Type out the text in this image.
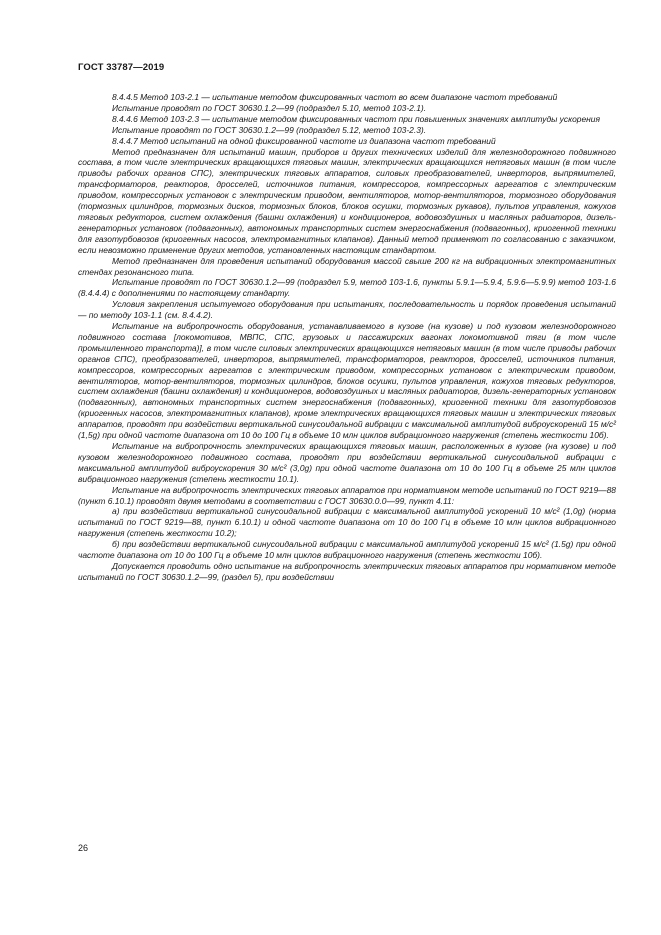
ГОСТ 33787—2019

8.4.4.5 Метод 103-2.1 — испытание методом фиксированных частот во всем диапазоне частот требований

Испытание проводят по ГОСТ 30630.1.2—99 (подраздел 5.10, метод 103-2.1).

8.4.4.6 Метод 103-2.3 — испытание методом фиксированных частот при повышенных значениях амплитуды ускорения

Испытание проводят по ГОСТ 30630.1.2—99 (подраздел 5.12, метод 103-2.3).

8.4.4.7 Метод испытаний на одной фиксированной частоте из диапазона частот требований

Метод предназначен для испытаний машин, приборов и других технических изделий для железнодорожного подвижного состава, в том числе электрических вращающихся тяговых машин, электрических вращающихся нетяговых машин (в том числе приводы рабочих органов СПС), электрических тяговых аппаратов, силовых преобразователей, инверторов, выпрямителей, трансформаторов, реакторов, дросселей, источников питания, компрессоров, компрессорных агрегатов с электрическим приводом, компрессорных установок с электрическим приводом, вентиляторов, мотор-вентиляторов, тормозного оборудования (тормозных цилиндров, тормозных дисков, тормозных блоков, блоков осушки, тормозных рукавов), пультов управления, кожухов тяговых редукторов, систем охлаждения (башни охлаждения) и кондиционеров, водовоздушных и масляных радиаторов, дизель-генераторных установок (подвагонных), автономных транспортных систем энергоснабжения (подвагонных), криогенной техники для газотурбовозов (криогенных насосов, электромагнитных клапанов). Данный метод применяют по согласованию с заказчиком, если невозможно применение других методов, установленных настоящим стандартом.

Метод предназначен для проведения испытаний оборудования массой свыше 200 кг на вибрационных электромагнитных стендах резонансного типа.

Испытание проводят по ГОСТ 30630.1.2—99 (подраздел 5.9, метод 103-1.6, пункты 5.9.1—5.9.4, 5.9.6—5.9.9) метод 103-1.6 (8.4.4.4) с дополнениями по настоящему стандарту.

Условия закрепления испытуемого оборудования при испытаниях, последовательность и порядок проведения испытаний — по методу 103-1.1 (см. 8.4.4.2).

Испытание на вибропрочность оборудования, устанавливаемого в кузове (на кузове) и под кузовом железнодорожного подвижного состава [локомотивов, МВПС, СПС, грузовых и пассажирских вагонах локомотивной тяги (в том числе промышленного транспорта)], в том числе силовых электрических вращающихся нетяговых машин (в том числе приводы рабочих органов СПС), преобразователей, инверторов, выпрямителей, трансформаторов, реакторов, дросселей, источников питания, компрессоров, компрессорных агрегатов с электрическим приводом, компрессорных установок с электрическим приводом, вентиляторов, мотор-вентиляторов, тормозных цилиндров, блоков осушки, пультов управления, кожухов тяговых редукторов, систем охлаждения (башни охлаждения) и кондиционеров, водовоздушных и масляных радиаторов, дизель-генераторных установок (подвагонных), автономных транспортных систем энергоснабжения (подвагонных), криогенной техники для газотурбовозов (криогенных насосов, электромагнитных клапанов), кроме электрических вращающихся тяговых машин и электрических тяговых аппаратов, проводят при воздействии вертикальной синусоидальной вибрации с максимальной амплитудой виброускорений 15 м/с² (1,5g) при одной частоте диапазона от 10 до 100 Гц в объеме 10 млн циклов вибрационного нагружения (степень жесткости 10б).

Испытание на вибропрочность электрических вращающихся тяговых машин, расположенных в кузове (на кузове) и под кузовом железнодорожного подвижного состава, проводят при воздействии вертикальной синусоидальной вибрации с максимальной амплитудой виброускорения 30 м/с² (3,0g) при одной частоте диапазона от 10 до 100 Гц в объеме 25 млн циклов вибрационного нагружения (степень жесткости 10.1).

Испытание на вибропрочность электрических тяговых аппаратов при нормативном методе испытаний по ГОСТ 9219—88 (пункт 6.10.1) проводят двумя методами в соответствии с ГОСТ 30630.0.0—99, пункт 4.11:

а) при воздействии вертикальной синусоидальной вибрации с максимальной амплитудой ускорений 10 м/с² (1,0g) (норма испытаний по ГОСТ 9219—88, пункт 6.10.1) и одной частоте диапазона от 10 до 100 Гц в объеме 10 млн циклов вибрационного нагружения (степень жесткости 10.2);

б) при воздействии вертикальной синусоидальной вибрации с максимальной амплитудой ускорений 15 м/с² (1.5g) при одной частоте диапазона от 10 до 100 Гц в объеме 10 млн циклов вибрационного нагружения (степень жесткости 10б).

Допускается проводить одно испытание на вибропрочность электрических тяговых аппаратов при нормативном методе испытаний по ГОСТ 30630.1.2—99, (раздел 5), при воздействии

26
